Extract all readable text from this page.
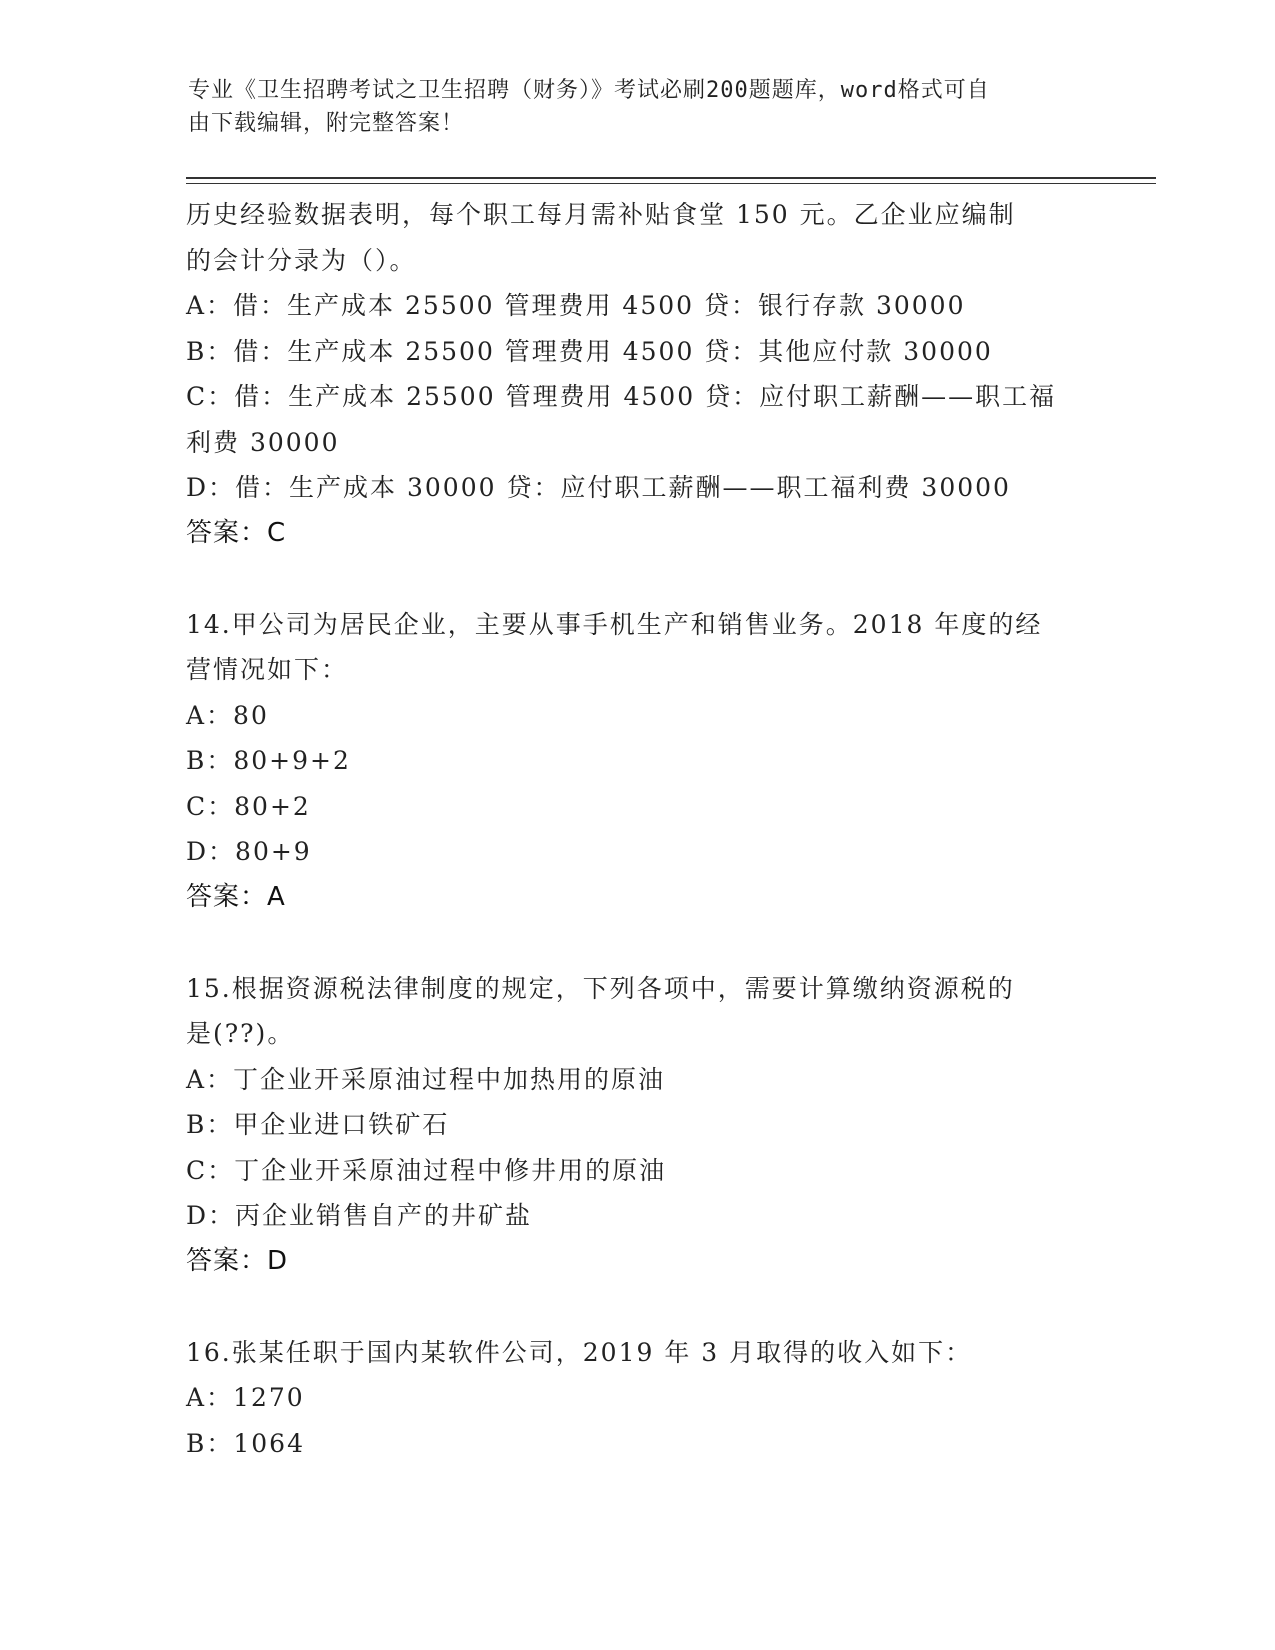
专业《卫生招聘考试之卫生招聘（财务）》考试必刷200题题库，word格式可自
由下载编辑，附完整答案！
历史经验数据表明，每个职工每月需补贴食堂 150 元。乙企业应编制
的会计分录为（）。
A：借：生产成本 25500 管理费用 4500 贷：银行存款 30000
B：借：生产成本 25500 管理费用 4500 贷：其他应付款 30000
C：借：生产成本 25500 管理费用 4500 贷：应付职工薪酬——职工福
利费 30000
D：借：生产成本 30000 贷：应付职工薪酬——职工福利费 30000
答案：C
14.甲公司为居民企业，主要从事手机生产和销售业务。2018 年度的经
营情况如下：
A：80
B：80+9+2
C：80+2
D：80+9
答案：A
15.根据资源税法律制度的规定，下列各项中，需要计算缴纳资源税的
是(??)。
A：丁企业开采原油过程中加热用的原油
B：甲企业进口铁矿石
C：丁企业开采原油过程中修井用的原油
D：丙企业销售自产的井矿盐
答案：D
16.张某任职于国内某软件公司，2019 年 3 月取得的收入如下：
A：1270
B：1064
